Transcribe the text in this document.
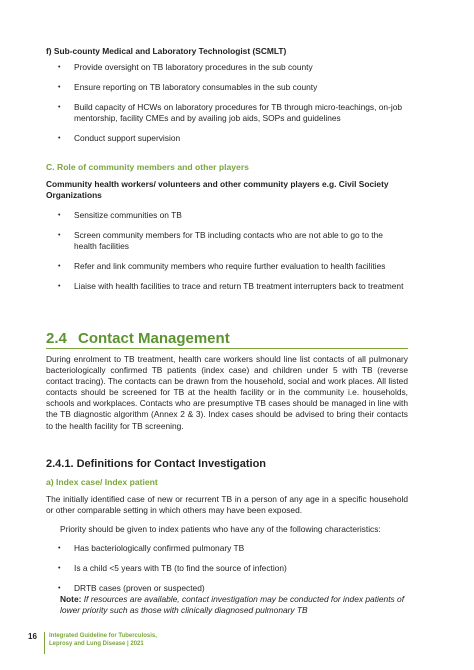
f) Sub-county Medical and Laboratory Technologist (SCMLT)
• Provide oversight on TB laboratory procedures in the sub county
• Ensure reporting on TB laboratory consumables in the sub county
• Build capacity of HCWs on laboratory procedures for TB through micro-teachings, on-job mentorship, facility CMEs and by availing job aids, SOPs and guidelines
• Conduct support supervision
C. Role of community members and other players
Community health workers/ volunteers and other community players e.g. Civil Society Organizations
• Sensitize communities on TB
• Screen community members for TB including contacts who are not able to go to the health facilities
• Refer and link community members who require further evaluation to health facilities
• Liaise with health facilities to trace and return TB treatment interrupters back to treatment
2.4 Contact Management

During enrolment to TB treatment, health care workers should line list contacts of all pulmonary bacteriologically confirmed TB patients (index case) and children under 5 with TB (reverse contact tracing). The contacts can be drawn from the household, social and work places. All listed contacts should be screened for TB at the health facility or in the community i.e. households, schools and workplaces. Contacts who are presumptive TB cases should be managed in line with the TB diagnostic algorithm (Annex 2 & 3). Index cases should be advised to bring their contacts to the health facility for TB screening.

2.4.1. Definitions for Contact Investigation
a) Index case/ Index patient

The initially identified case of new or recurrent TB in a person of any age in a specific household or other comparable setting in which others may have been exposed.

Priority should be given to index patients who have any of the following characteristics:

• Has bacteriologically confirmed pulmonary TB
• Is a child <5 years with TB (to find the source of infection)
• DRTB cases (proven or suspected)

Note: If resources are available, contact investigation may be conducted for index patients of lower priority such as those with clinically diagnosed pulmonary TB

16	Integrated Guideline for Tuberculosis,
Leprosy and Lung Disease | 2021
